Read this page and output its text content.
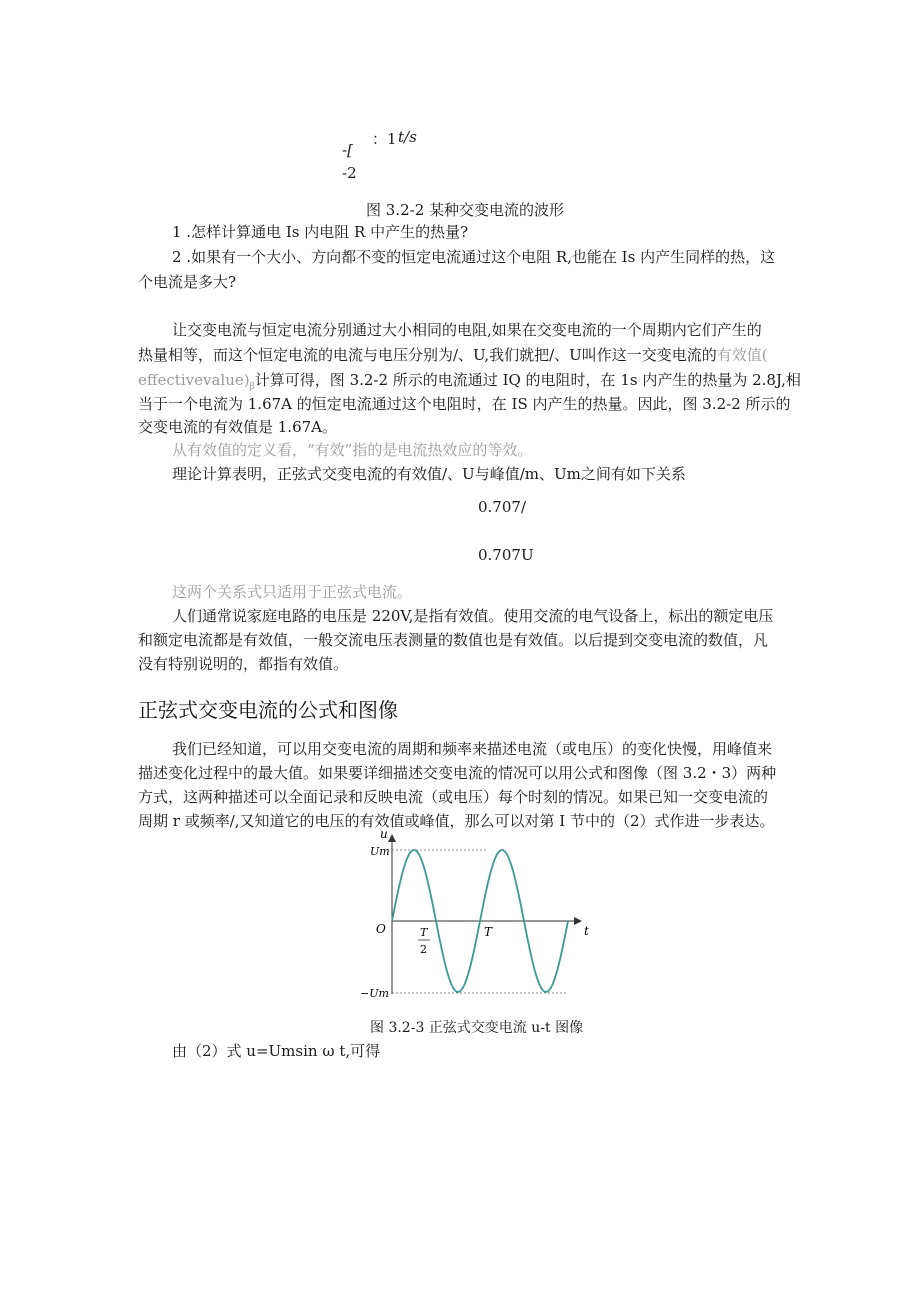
-[
：1 t/s
-2
图 3.2-2 某种交变电流的波形
1 .怎样计算通电 Is 内电阻 R 中产生的热量?
2 .如果有一个大小、方向都不变的恒定电流通过这个电阻 R,也能在 Is 内产生同样的热，这
个电流是多大?
让交变电流与恒定电流分别通过大小相同的电阻,如果在交变电流的一个周期内它们产生的
热量相等，而这个恒定电流的电流与电压分别为/、U,我们就把/、U叫作这一交变电流的有效值(
$effectivevalue)_\beta$计算可得，图 3.2-2 所示的电流通过 IQ 的电阻时，在 1s 内产生的热量为 2.8J,相
当于一个电流为 1.67A 的恒定电流通过这个电阻时，在 IS 内产生的热量。因此，图 3.2-2 所示的
交变电流的有效值是 1.67A。
从有效值的定义看，“有效”指的是电流热效应的等效。
理论计算表明，正弦式交变电流的有效值/、U与峰值/m、Um之间有如下关系
0.707/
0.707U
这两个关系式只适用于正弦式电流。
人们通常说家庭电路的电压是 220V,是指有效值。使用交流的电气设备上，标出的额定电压
和额定电流都是有效值，一般交流电压表测量的数值也是有效值。以后提到交变电流的数值，凡
没有特别说明的，都指有效值。
正弦式交变电流的公式和图像
我们已经知道，可以用交变电流的周期和频率来描述电流（或电压）的变化快慢，用峰值来
描述变化过程中的最大值。如果要详细描述交变电流的情况可以用公式和图像（图 3.2・3）两种
方式，这两种描述可以全面记录和反映电流（或电压）每个时刻的情况。如果已知一交变电流的
周期 r 或频率/,又知道它的电压的有效值或峰值，那么可以对第 I 节中的（2）式作进一步表达。
u
t
Um
−Um
O	T
T
2
图 3.2-3 正弦式交变电流 u-t 图像
由（2）式 u=Umsin ω t,可得
